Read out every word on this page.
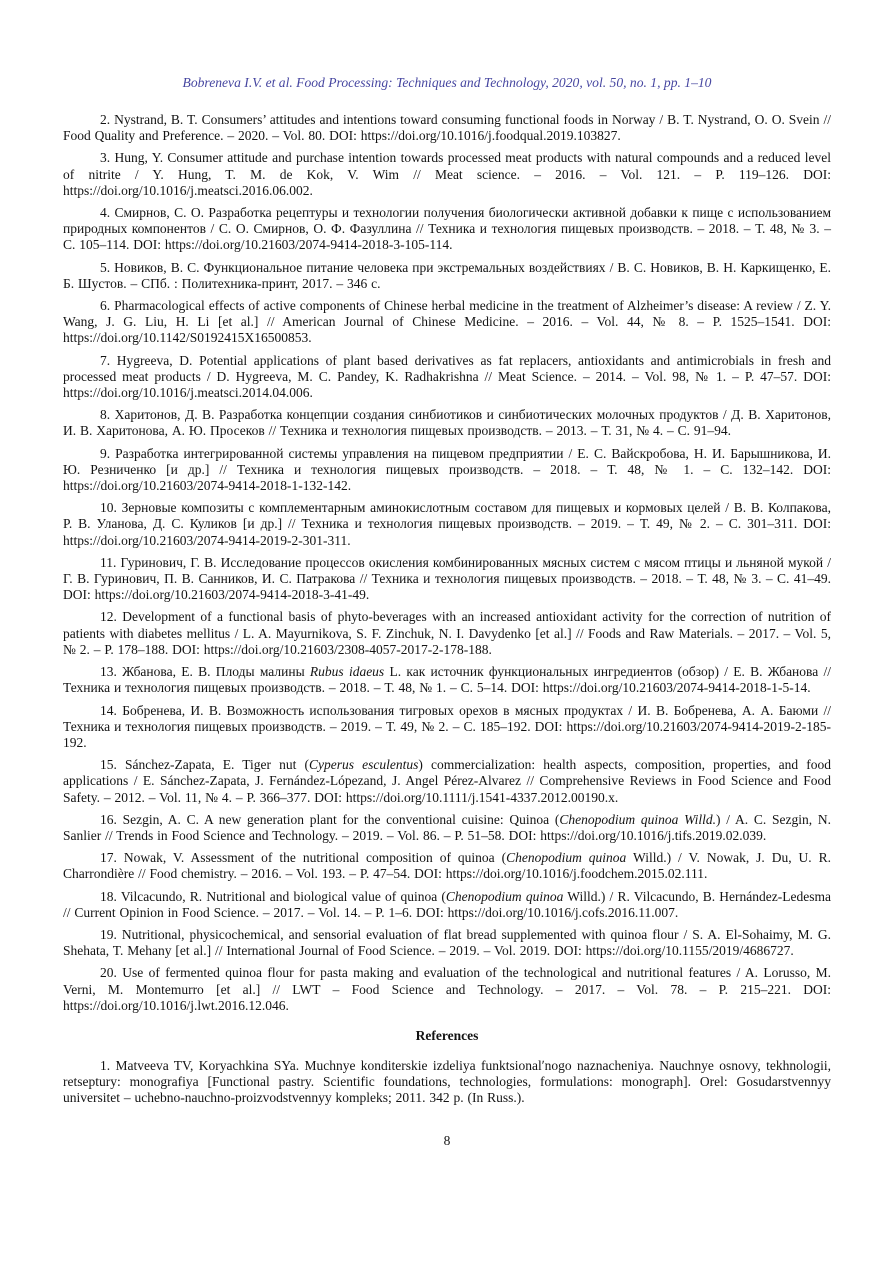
Bobreneva I.V. et al. Food Processing: Techniques and Technology, 2020, vol. 50, no. 1, pp. 1–10

2. Nystrand, B. T. Consumers’ attitudes and intentions toward consuming functional foods in Norway / B. T. Nystrand, O. O. Svein // Food Quality and Preference. – 2020. – Vol. 80. DOI: https://doi.org/10.1016/j.foodqual.2019.103827.

3. Hung, Y. Consumer attitude and purchase intention towards processed meat products with natural compounds and a reduced level of nitrite / Y. Hung, T. M. de Kok, V. Wim // Meat science. – 2016. – Vol. 121. – P. 119–126. DOI: https://doi.org/10.1016/j.meatsci.2016.06.002.

4. Смирнов, С. О. Разработка рецептуры и технологии получения биологически активной добавки к пище с использованием природных компонентов / С. О. Смирнов, О. Ф. Фазуллина // Техника и технология пищевых производств. – 2018. – Т. 48, № 3. – С. 105–114. DOI: https://doi.org/10.21603/2074-9414-2018-3-105-114.

5. Новиков, В. С. Функциональное питание человека при экстремальных воздействиях / В. С. Новиков, В. Н. Каркищенко, Е. Б. Шустов. – СПб. : Политехника-принт, 2017. – 346 с.

6. Pharmacological effects of active components of Chinese herbal medicine in the treatment of Alzheimer’s disease: A review / Z. Y. Wang, J. G. Liu, H. Li [et al.] // American Journal of Chinese Medicine. – 2016. – Vol. 44, № 8. – P. 1525–1541. DOI: https://doi.org/10.1142/S0192415X16500853.

7. Hygreeva, D. Potential applications of plant based derivatives as fat replacers, antioxidants and antimicrobials in fresh and processed meat products / D. Hygreeva, M. C. Pandey, K. Radhakrishna // Meat Science. – 2014. – Vol. 98, № 1. – P. 47–57. DOI: https://doi.org/10.1016/j.meatsci.2014.04.006.

8. Харитонов, Д. В. Разработка концепции создания синбиотиков и синбиотических молочных продуктов / Д. В. Харитонов, И. В. Харитонова, А. Ю. Просеков // Техника и технология пищевых производств. – 2013. – Т. 31, № 4. – С. 91–94.

9. Разработка интегрированной системы управления на пищевом предприятии / Е. С. Вайскробова, Н. И. Барышникова, И. Ю. Резниченко [и др.] // Техника и технология пищевых производств. – 2018. – Т. 48, № 1. – С. 132–142. DOI: https://doi.org/10.21603/2074-9414-2018-1-132-142.

10. Зерновые композиты с комплементарным аминокислотным составом для пищевых и кормовых целей / В. В. Колпакова, Р. В. Уланова, Д. С. Куликов [и др.] // Техника и технология пищевых производств. – 2019. – Т. 49, № 2. – С. 301–311. DOI: https://doi.org/10.21603/2074-9414-2019-2-301-311.

11. Гуринович, Г. В. Исследование процессов окисления комбинированных мясных систем с мясом птицы и льняной мукой / Г. В. Гуринович, П. В. Санников, И. С. Патракова // Техника и технология пищевых производств. – 2018. – Т. 48, № 3. – С. 41–49. DOI: https://doi.org/10.21603/2074-9414-2018-3-41-49.

12. Development of a functional basis of phyto-beverages with an increased antioxidant activity for the correction of nutrition of patients with diabetes mellitus / L. A. Mayurnikova, S. F. Zinchuk, N. I. Davydenko [et al.] // Foods and Raw Materials. – 2017. – Vol. 5, № 2. – P. 178–188. DOI: https://doi.org/10.21603/2308-4057-2017-2-178-188.

13. Жбанова, Е. В. Плоды малины Rubus idaeus L. как источник функциональных ингредиентов (обзор) / Е. В. Жбанова // Техника и технология пищевых производств. – 2018. – Т. 48, № 1. – С. 5–14. DOI: https://doi.org/10.21603/2074-9414-2018-1-5-14.

14. Бобренева, И. В. Возможность использования тигровых орехов в мясных продуктах / И. В. Бобренева, А. А. Баюми // Техника и технология пищевых производств. – 2019. – Т. 49, № 2. – С. 185–192. DOI: https://doi.org/10.21603/2074-9414-2019-2-185-192.

15. Sánchez-Zapata, E. Tiger nut (Cyperus esculentus) commercialization: health aspects, composition, properties, and food applications / E. Sánchez-Zapata, J. Fernández-Lópezand, J. Angel Pérez-Alvarez // Comprehensive Reviews in Food Science and Food Safety. – 2012. – Vol. 11, № 4. – P. 366–377. DOI: https://doi.org/10.1111/j.1541-4337.2012.00190.x.

16. Sezgin, A. C. A new generation plant for the conventional cuisine: Quinoa (Chenopodium quinoa Willd.) / A. C. Sezgin, N. Sanlier // Trends in Food Science and Technology. – 2019. – Vol. 86. – P. 51–58. DOI: https://doi.org/10.1016/j.tifs.2019.02.039.

17. Nowak, V. Assessment of the nutritional composition of quinoa (Chenopodium quinoa Willd.) / V. Nowak, J. Du, U. R. Charrondière // Food chemistry. – 2016. – Vol. 193. – P. 47–54. DOI: https://doi.org/10.1016/j.foodchem.2015.02.111.

18. Vilcacundo, R. Nutritional and biological value of quinoa (Chenopodium quinoa Willd.) / R. Vilcacundo, B. Hernández-Ledesma // Current Opinion in Food Science. – 2017. – Vol. 14. – P. 1–6. DOI: https://doi.org/10.1016/j.cofs.2016.11.007.

19. Nutritional, physicochemical, and sensorial evaluation of flat bread supplemented with quinoa flour / S. A. El-Sohaimy, M. G. Shehata, T. Mehany [et al.] // International Journal of Food Science. – 2019. – Vol. 2019. DOI: https://doi.org/10.1155/2019/4686727.

20. Use of fermented quinoa flour for pasta making and evaluation of the technological and nutritional features / A. Lorusso, M. Verni, M. Montemurro [et al.] // LWT – Food Science and Technology. – 2017. – Vol. 78. – P. 215–221. DOI: https://doi.org/10.1016/j.lwt.2016.12.046.

References

1. Matveeva TV, Koryachkina SYa. Muchnye konditerskie izdeliya funktsionalʹnogo naznacheniya. Nauchnye osnovy, tekhnologii, retseptury: monografiya [Functional pastry. Scientific foundations, technologies, formulations: monograph]. Orel: Gosudarstvennyy universitet – uchebno-nauchno-proizvodstvennyy kompleks; 2011. 342 p. (In Russ.).

8
